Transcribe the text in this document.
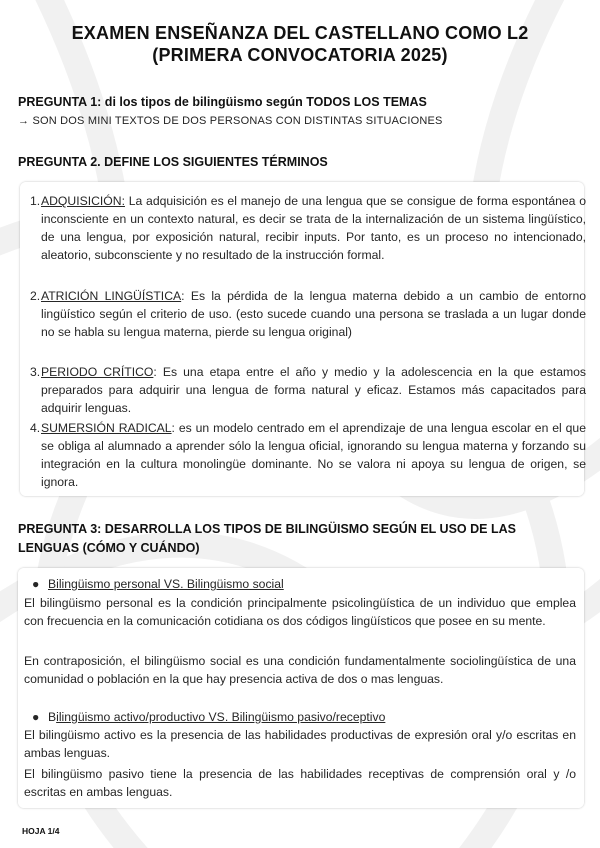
EXAMEN ENSEÑANZA DEL CASTELLANO COMO L2
(PRIMERA CONVOCATORIA 2025)
PREGUNTA 1: di los tipos de bilingüismo según TODOS LOS TEMAS
→ SON DOS MINI TEXTOS DE DOS PERSONAS CON DISTINTAS SITUACIONES
PREGUNTA 2. DEFINE LOS SIGUIENTES TÉRMINOS
1.ADQUISICIÓN: La adquisición es el manejo de una lengua que se consigue de forma espontánea o inconsciente en un contexto natural, es decir se trata de la internalización de un sistema lingüístico, de una lengua, por exposición natural, recibir inputs. Por tanto, es un proceso no intencionado, aleatorio, subconsciente y no resultado de la instrucción formal.
2.ATRICIÓN LINGÜÍSTICA: Es la pérdida de la lengua materna debido a un cambio de entorno lingüístico según el criterio de uso. (esto sucede cuando una persona se traslada a un lugar donde no se habla su lengua materna, pierde su lengua original)
3.PERIODO CRÍTICO: Es una etapa entre el año y medio y la adolescencia en la que estamos preparados para adquirir una lengua de forma natural y eficaz. Estamos más capacitados para adquirir lenguas.
4.SUMERSIÓN RADICAL: es un modelo centrado em el aprendizaje de una lengua escolar en el que se obliga al alumnado a aprender sólo la lengua oficial, ignorando su lengua materna y forzando su integración en la cultura monolingüe dominante. No se valora ni apoya su lengua de origen, se ignora.
PREGUNTA 3: DESARROLLA LOS TIPOS DE BILINGÜISMO SEGÚN EL USO DE LAS
LENGUAS (CÓMO Y CUÁNDO)
● Bilingüismo personal VS. Bilingüismo social
El bilingüismo personal es la condición principalmente psicolingüística de un individuo que emplea con frecuencia en la comunicación cotidiana os dos códigos lingüísticos que posee en su mente.
En contraposición, el bilingüismo social es una condición fundamentalmente sociolingüística de una comunidad o población en la que hay presencia activa de dos o mas lenguas.
● Bilingüismo activo/productivo VS. Bilingüismo pasivo/receptivo
El bilingüismo activo es la presencia de las habilidades productivas de expresión oral y/o escritas en ambas lenguas.
El bilingüismo pasivo tiene la presencia de las habilidades receptivas de comprensión oral y /o escritas en ambas lenguas.
HOJA 1/4
